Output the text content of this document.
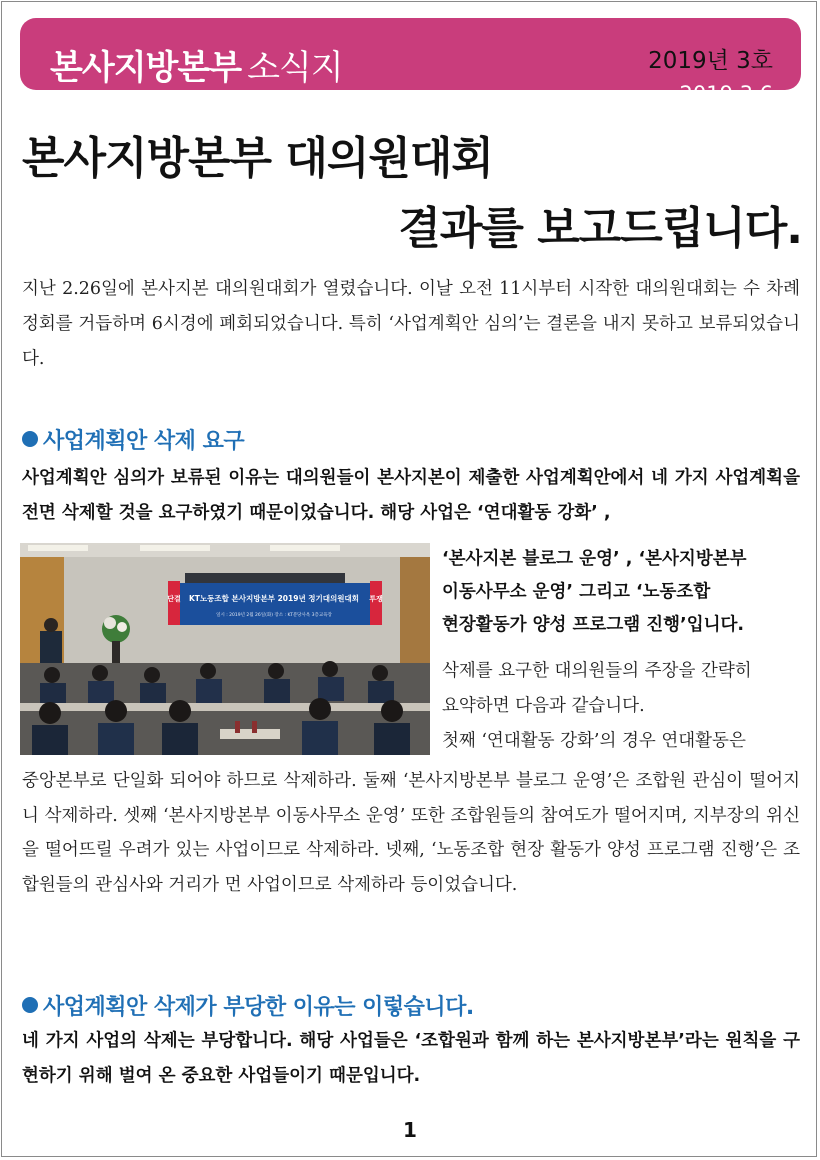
본사지방본부 소식지	2019년 3호
2019.3.6
본사지방본부 대의원대회
결과를 보고드립니다.
지난 2.26일에 본사지본 대의원대회가 열렸습니다. 이날 오전 11시부터 시작한 대의원대회는 수 차례 정회를 거듭하며 6시경에 폐회되었습니다. 특히 ‘사업계획안 심의’는 결론을 내지 못하고 보류되었습니다.
사업계획안 삭제 요구
사업계획안 심의가 보류된 이유는 대의원들이 본사지본이 제출한 사업계획안에서 네 가지 사업계획을 전면 삭제할 것을 요구하였기 때문이었습니다. 해당 사업은 ‘연대활동 강화’ ,
KT노동조합 본사지방본부 2019년 정기대의원대회
일시 : 2019년 2월 26일(화) 장소 : KT분당사옥 3층교육장
단결	투쟁
‘본사지본 블로그 운영’ , ‘본사지방본부
이동사무소 운영’ 그리고 ‘노동조합
현장활동가 양성 프로그램 진행’입니다.
삭제를 요구한 대의원들의 주장을 간략히
요약하면 다음과 같습니다.
첫째 ‘연대활동 강화’의 경우 연대활동은
중앙본부로 단일화 되어야 하므로 삭제하라. 둘째 ‘본사지방본부 블로그 운영’은 조합원 관심이 떨어지니 삭제하라. 셋째 ‘본사지방본부 이동사무소 운영’ 또한 조합원들의 참여도가 떨어지며, 지부장의 위신을 떨어뜨릴 우려가 있는 사업이므로 삭제하라. 넷째, ‘노동조합 현장 활동가 양성 프로그램 진행’은 조합원들의 관심사와 거리가 먼 사업이므로 삭제하라 등이었습니다.
사업계획안 삭제가 부당한 이유는 이렇습니다.
네 가지 사업의 삭제는 부당합니다. 해당 사업들은 ‘조합원과 함께 하는 본사지방본부’라는 원칙을 구현하기 위해 벌여 온 중요한 사업들이기 때문입니다.
1
